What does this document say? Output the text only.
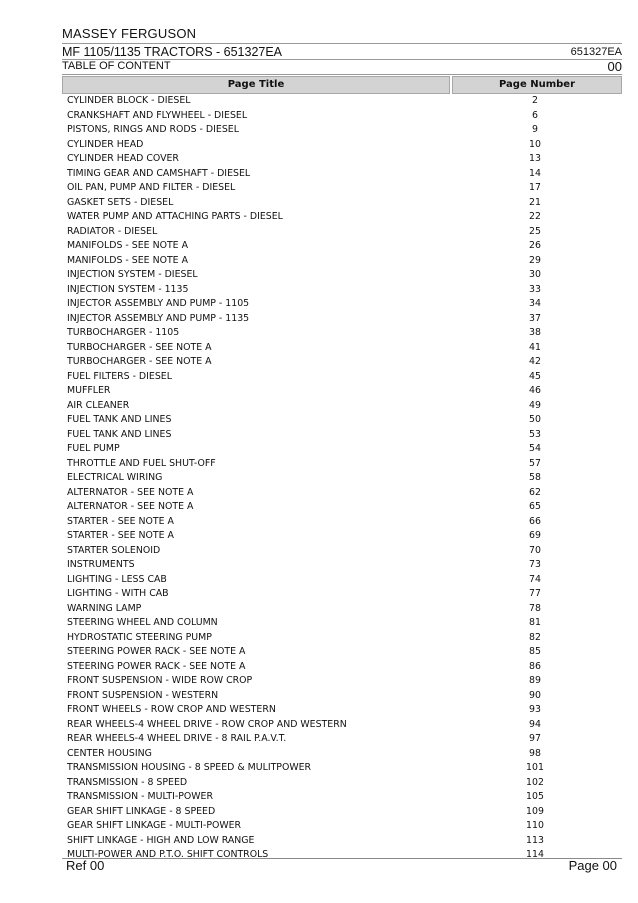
MASSEY FERGUSON
MF 1105/1135 TRACTORS - 651327EA	651327EA
TABLE OF CONTENT	00
Page Title	Page Number
CYLINDER BLOCK - DIESEL	2
CRANKSHAFT AND FLYWHEEL - DIESEL	6
PISTONS, RINGS AND RODS - DIESEL	9
CYLINDER HEAD	10
CYLINDER HEAD COVER	13
TIMING GEAR AND CAMSHAFT - DIESEL	14
OIL PAN, PUMP AND FILTER - DIESEL	17
GASKET SETS - DIESEL	21
WATER PUMP AND ATTACHING PARTS - DIESEL	22
RADIATOR - DIESEL	25
MANIFOLDS - SEE NOTE A	26
MANIFOLDS - SEE NOTE A	29
INJECTION SYSTEM - DIESEL	30
INJECTION SYSTEM - 1135	33
INJECTOR ASSEMBLY AND PUMP - 1105	34
INJECTOR ASSEMBLY AND PUMP - 1135	37
TURBOCHARGER - 1105	38
TURBOCHARGER - SEE NOTE A	41
TURBOCHARGER - SEE NOTE A	42
FUEL FILTERS - DIESEL	45
MUFFLER	46
AIR CLEANER	49
FUEL TANK AND LINES	50
FUEL TANK AND LINES	53
FUEL PUMP	54
THROTTLE AND FUEL SHUT-OFF	57
ELECTRICAL WIRING	58
ALTERNATOR - SEE NOTE A	62
ALTERNATOR - SEE NOTE A	65
STARTER - SEE NOTE A	66
STARTER - SEE NOTE A	69
STARTER SOLENOID	70
INSTRUMENTS	73
LIGHTING - LESS CAB	74
LIGHTING - WITH CAB	77
WARNING LAMP	78
STEERING WHEEL AND COLUMN	81
HYDROSTATIC STEERING PUMP	82
STEERING POWER RACK - SEE NOTE A	85
STEERING POWER RACK - SEE NOTE A	86
FRONT SUSPENSION - WIDE ROW CROP	89
FRONT SUSPENSION - WESTERN	90
FRONT WHEELS - ROW CROP AND WESTERN	93
REAR WHEELS-4 WHEEL DRIVE - ROW CROP AND WESTERN	94
REAR WHEELS-4 WHEEL DRIVE - 8 RAIL P.A.V.T.	97
CENTER HOUSING	98
TRANSMISSION HOUSING - 8 SPEED & MULITPOWER	101
TRANSMISSION - 8 SPEED	102
TRANSMISSION - MULTI-POWER	105
GEAR SHIFT LINKAGE - 8 SPEED	109
GEAR SHIFT LINKAGE - MULTI-POWER	110
SHIFT LINKAGE - HIGH AND LOW RANGE	113
MULTI-POWER AND P.T.O. SHIFT CONTROLS	114
Ref 00	Page 00
